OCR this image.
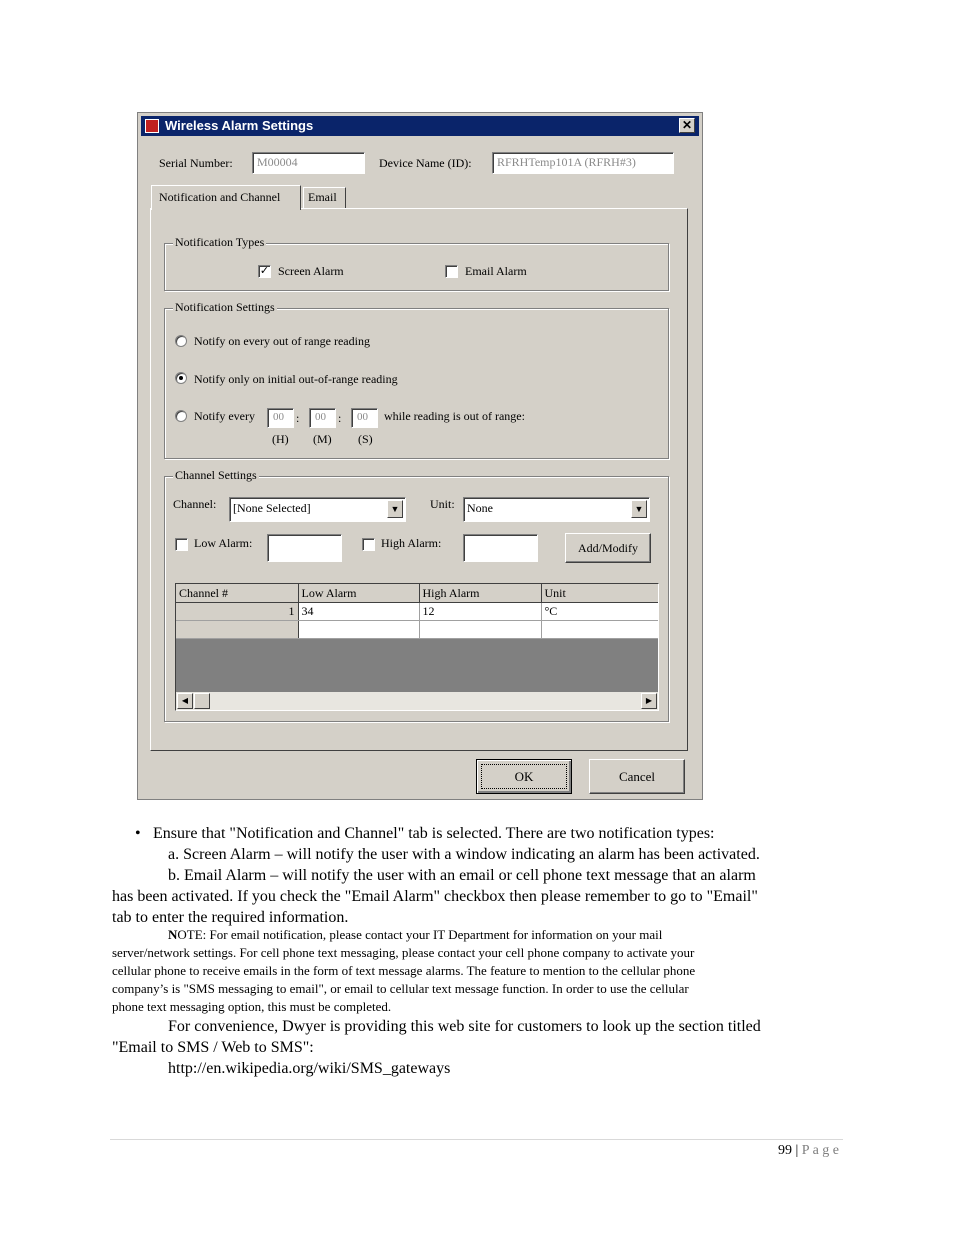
Wireless Alarm Settings	✕
Serial Number:	M00004	Device Name (ID):	RFRHTemp101A (RFRH#3)
Notification and Channel Email
Notification Types
✓ Screen Alarm	Email Alarm
Notification Settings
Notify on every out of range reading
Notify only on initial out-of-range reading
Notify every	00	:	00	:	00	while reading is out of range:
(H) (M) (S)
Channel Settings
Channel:	[None Selected]	▼	Unit:	None	▼
Low Alarm:	High Alarm:	Add/Modify
Channel #	Low Alarm	High Alarm	Unit
1	34	12	°C

◀	▶
OK	Cancel
• Ensure that "Notification and Channel" tab is selected. There are two notification types:
a. Screen Alarm – will notify the user with a window indicating an alarm has been activated.
b. Email Alarm – will notify the user with an email or cell phone text message that an alarm
has been activated. If you check the "Email Alarm" checkbox then please remember to go to "Email"
tab to enter the required information.
NOTE: For email notification, please contact your IT Department for information on your mail
server/network settings. For cell phone text messaging, please contact your cell phone company to activate your
cellular phone to receive emails in the form of text message alarms. The feature to mention to the cellular phone
company’s is "SMS messaging to email", or email to cellular text message function. In order to use the cellular
phone text messaging option, this must be completed.
For convenience, Dwyer is providing this web site for customers to look up the section titled
"Email to SMS / Web to SMS":
http://en.wikipedia.org/wiki/SMS_gateways
99 | P a g e
